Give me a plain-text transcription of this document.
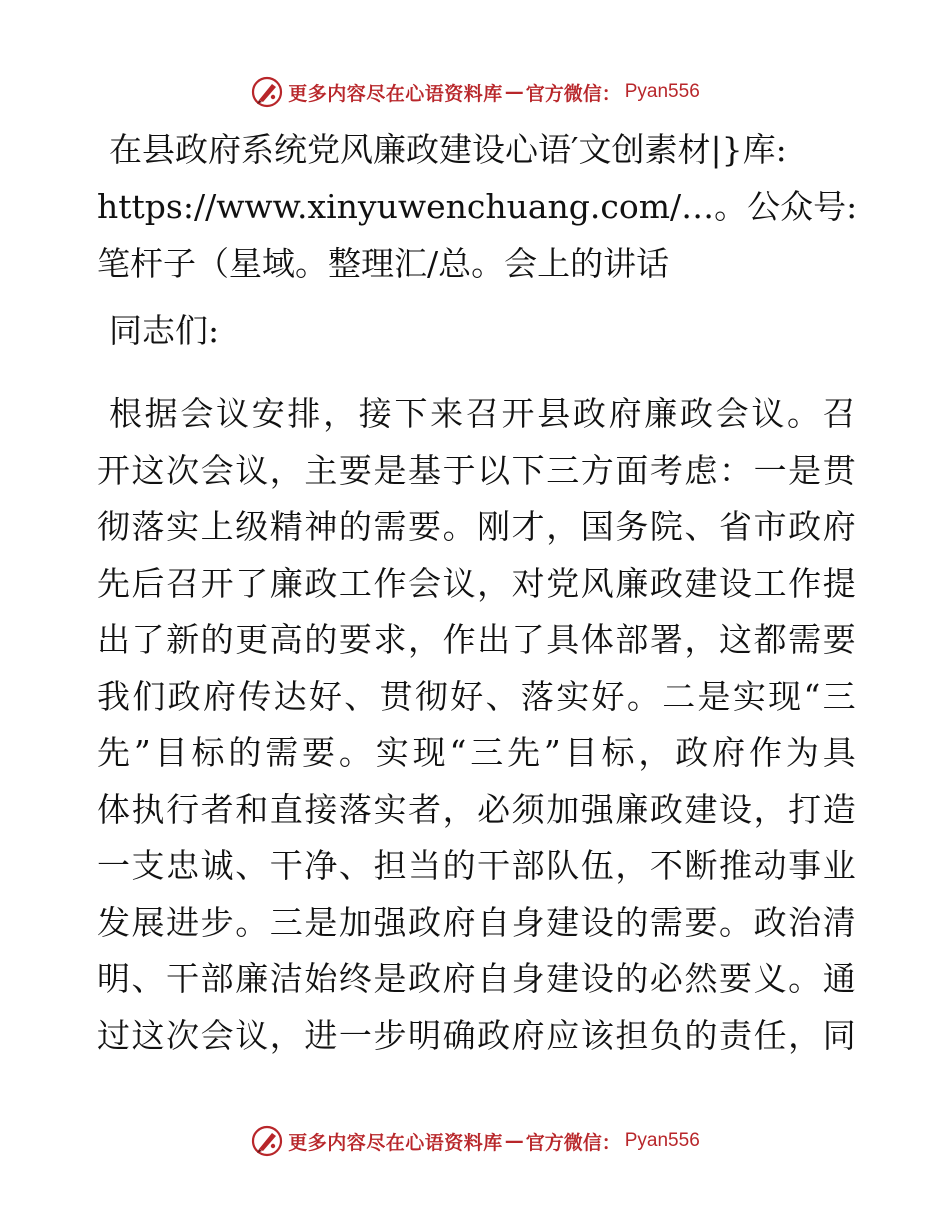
更多内容尽在心语资料库 — 官方微信： Pyan556

在县政府系统党风廉政建设心语′文创素材|}库:
https://www.xinyuwenchuang.com/…。公众号:
笔杆子（星域。整理汇/总。会上的讲话

同志们:

根据会议安排，接下来召开县政府廉政会议。召
开这次会议，主要是基于以下三方面考虑：一是贯
彻落实上级精神的需要。刚才，国务院、省市政府
先后召开了廉政工作会议，对党风廉政建设工作提
出了新的更高的要求，作出了具体部署，这都需要
我们政府传达好、贯彻好、落实好。二是实现“三
先”目标的需要。实现“三先”目标，政府作为具
体执行者和直接落实者，必须加强廉政建设，打造
一支忠诚、干净、担当的干部队伍，不断推动事业
发展进步。三是加强政府自身建设的需要。政治清
明、干部廉洁始终是政府自身建设的必然要义。通
过这次会议，进一步明确政府应该担负的责任，同

更多内容尽在心语资料库 — 官方微信： Pyan556
